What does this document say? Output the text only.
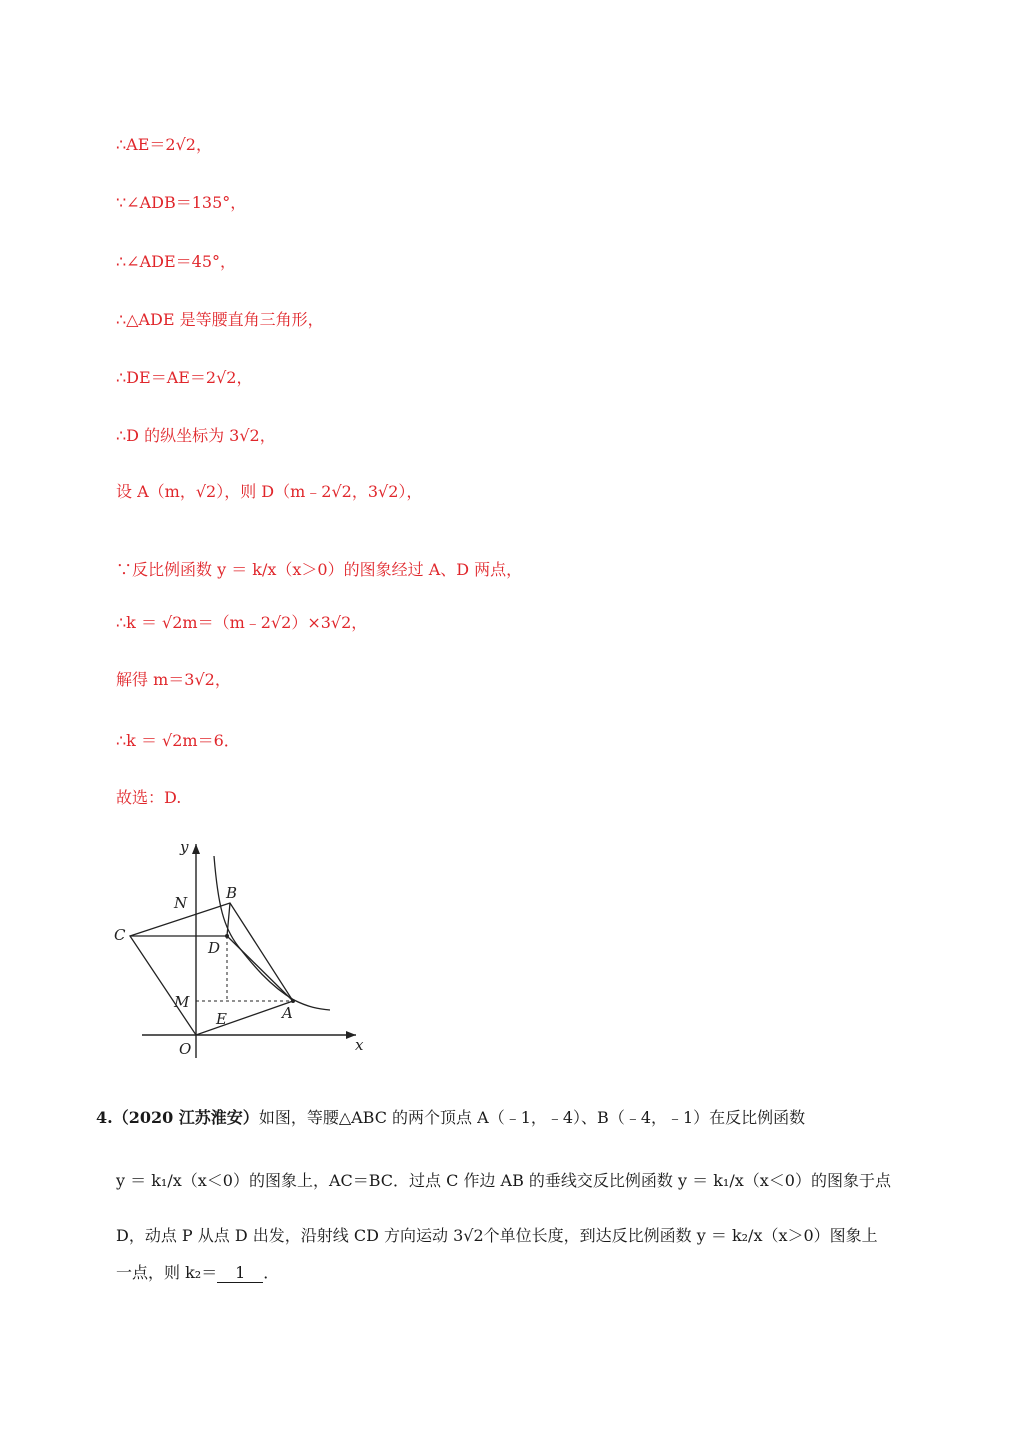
∴AE＝2√2，
∵∠ADB＝135°，
∴∠ADE＝45°，
∴△ADE 是等腰直角三角形，
∴DE＝AE＝2√2，
∴D 的纵坐标为 3√2，
设 A（m，√2），则 D（m﹣2√2，3√2），
∵反比例函数 y ＝ k/x（x＞0）的图象经过 A、D 两点，
∴k ＝ √2m＝（m﹣2√2）×3√2，
解得 m＝3√2，
∴k ＝ √2m＝6．
故选：D.
y
x
O
N
B
C
D
M
E	A
4.（2020 江苏淮安）如图，等腰△ABC 的两个顶点 A（﹣1，﹣4）、B（﹣4，﹣1）在反比例函数
y ＝ k₁/x（x＜0）的图象上，AC＝BC．过点 C 作边 AB 的垂线交反比例函数 y ＝ k₁/x（x＜0）的图象于点
D，动点 P 从点 D 出发，沿射线 CD 方向运动 3√2个单位长度，到达反比例函数 y ＝ k₂/x（x＞0）图象上
一点，则 k₂＝ 1 ．
